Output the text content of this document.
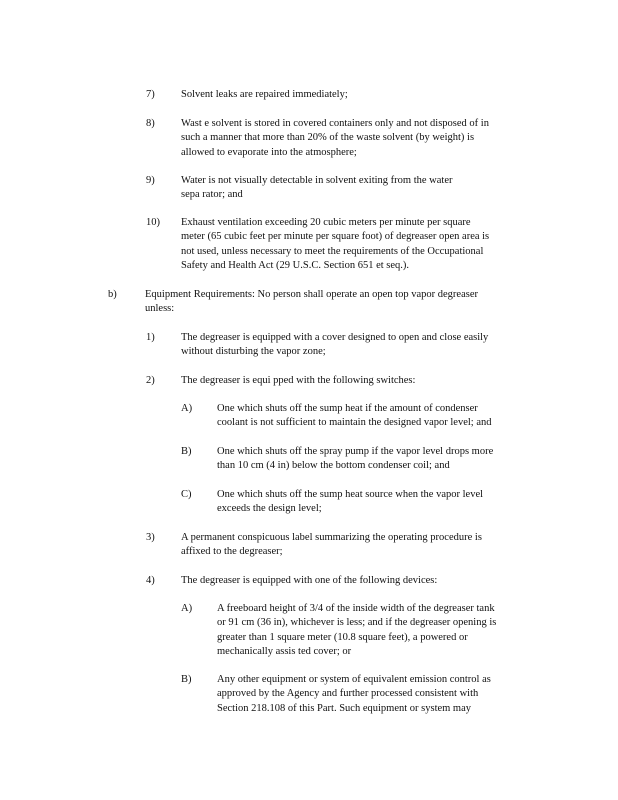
7)	Solvent leaks are repaired immediately;
8)	Wast e solvent is stored in covered containers only and not disposed of in
such a manner that more than 20% of the waste solvent (by weight) is
allowed to evaporate into the atmosphere;
9)	Water is not visually detectable in solvent exiting from the water
sepa rator; and
10) Exhaust ventilation exceeding 20 cubic meters per minute per square
meter (65 cubic feet per minute per square foot) of degreaser open area is
not used, unless necessary to meet the requirements of the Occupational
Safety and Health Act (29 U.S.C. Section 651 et seq.).
b)	Equipment Requirements: No person shall operate an open top vapor degreaser
unless:
1)	The degreaser is equipped with a cover designed to open and close easily
without disturbing the vapor zone;
2)	The degreaser is equi pped with the following switches:
A) One which shuts off the sump heat if the amount of condenser
coolant is not sufficient to maintain the designed vapor level; and
B) One which shuts off the spray pump if the vapor level drops more
than 10 cm (4 in) below the bottom condenser coil; and
C) One which shuts off the sump heat source when the vapor level
exceeds the design level;
3)	A permanent conspicuous label summarizing the operating procedure is
affixed to the degreaser;
4)	The degreaser is equipped with one of the following devices:
A) A freeboard height of 3/4 of the inside width of the degreaser tank
or 91 cm (36 in), whichever is less; and if the degreaser opening is
greater than 1 square meter (10.8 square feet), a powered or
mechanically assis ted cover; or
B) Any other equipment or system of equivalent emission control as
approved by the Agency and further processed consistent with
Section 218.108 of this Part. Such equipment or system may
